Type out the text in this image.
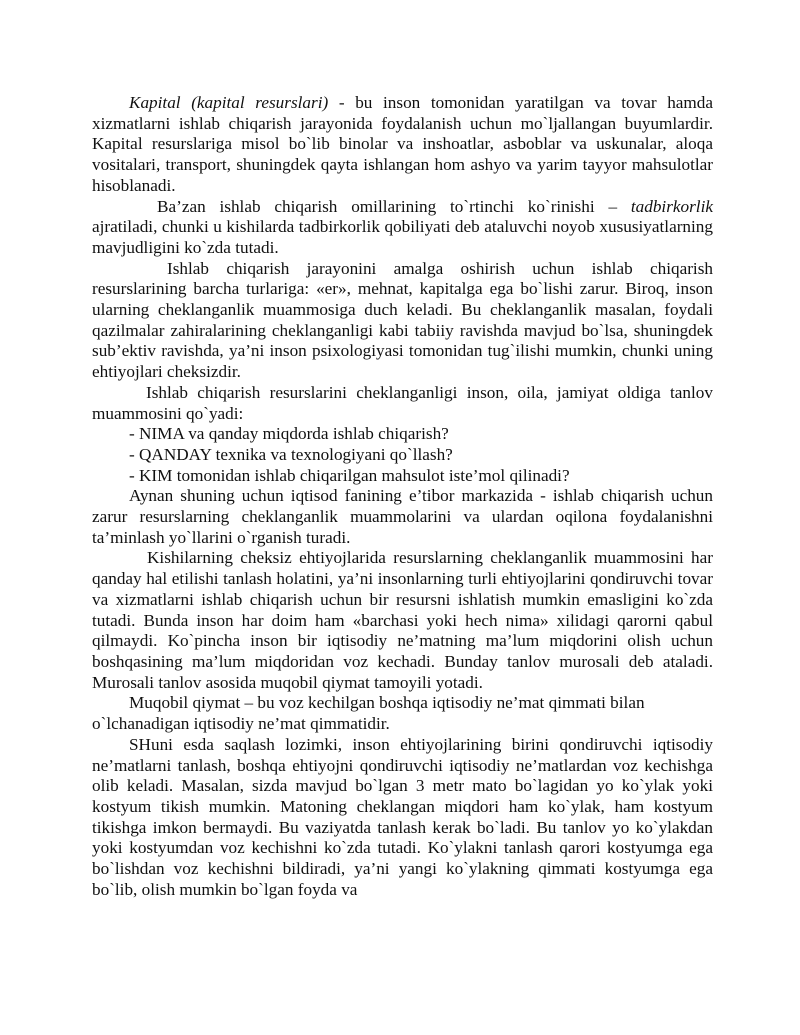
Kapital (kapital resurslari) - bu inson tomonidan yaratilgan va tovar hamda xizmatlarni ishlab chiqarish jarayonida foydalanish uchun mo`ljallangan buyumlardir. Kapital resurslariga misol bo`lib binolar va inshoatlar, asboblar va uskunalar, aloqa vositalari, transport, shuningdek qayta ishlangan hom ashyo va yarim tayyor mahsulotlar hisoblanadi.

Ba’zan ishlab chiqarish omillarining to`rtinchi ko`rinishi – tadbirkorlik ajratiladi, chunki u kishilarda tadbirkorlik qobiliyati deb ataluvchi noyob xususiyatlarning mavjudligini ko`zda tutadi.

Ishlab chiqarish jarayonini amalga oshirish uchun ishlab chiqarish resurslarining barcha turlariga: «er», mehnat, kapitalga ega bo`lishi zarur. Biroq, inson ularning cheklanganlik muammosiga duch keladi. Bu cheklanganlik masalan, foydali qazilmalar zahiralarining cheklanganligi kabi tabiiy ravishda mavjud bo`lsa, shuningdek sub’ektiv ravishda, ya’ni inson psixologiyasi tomonidan tug`ilishi mumkin, chunki uning ehtiyojlari cheksizdir.

Ishlab chiqarish resurslarini cheklanganligi inson, oila, jamiyat oldiga tanlov muammosini qo`yadi:

- NIMA va qanday miqdorda ishlab chiqarish?

- QANDAY texnika va texnologiyani qo`llash?

- KIM tomonidan ishlab chiqarilgan mahsulot iste’mol qilinadi?

Aynan shuning uchun iqtisod fanining e’tibor markazida - ishlab chiqarish uchun zarur resurslarning cheklanganlik muammolarini va ulardan oqilona foydalanishni ta’minlash yo`llarini o`rganish turadi.

Kishilarning cheksiz ehtiyojlarida resurslarning cheklanganlik muammosini har qanday hal etilishi tanlash holatini, ya’ni insonlarning turli ehtiyojlarini qondiruvchi tovar va xizmatlarni ishlab chiqarish uchun bir resursni ishlatish mumkin emasligini ko`zda tutadi. Bunda inson har doim ham «barchasi yoki hech nima» xilidagi qarorni qabul qilmaydi. Ko`pincha inson bir iqtisodiy ne’matning ma’lum miqdorini olish uchun boshqasining ma’lum miqdoridan voz kechadi. Bunday tanlov murosali deb ataladi. Murosali tanlov asosida muqobil qiymat tamoyili yotadi.

Muqobil qiymat – bu voz kechilgan boshqa iqtisodiy ne’mat qimmati bilan

o`lchanadigan iqtisodiy ne’mat qimmatidir.

SHuni esda saqlash lozimki, inson ehtiyojlarining birini qondiruvchi iqtisodiy ne’matlarni tanlash, boshqa ehtiyojni qondiruvchi iqtisodiy ne’matlardan voz kechishga olib keladi. Masalan, sizda mavjud bo`lgan 3 metr mato bo`lagidan yo ko`ylak yoki kostyum tikish mumkin. Matoning cheklangan miqdori ham ko`ylak, ham kostyum tikishga imkon bermaydi. Bu vaziyatda tanlash kerak bo`ladi. Bu tanlov yo ko`ylakdan yoki kostyumdan voz kechishni ko`zda tutadi. Ko`ylakni tanlash qarori kostyumga ega bo`lishdan voz kechishni bildiradi, ya’ni yangi ko`ylakning qimmati kostyumga ega bo`lib, olish mumkin bo`lgan foyda va
